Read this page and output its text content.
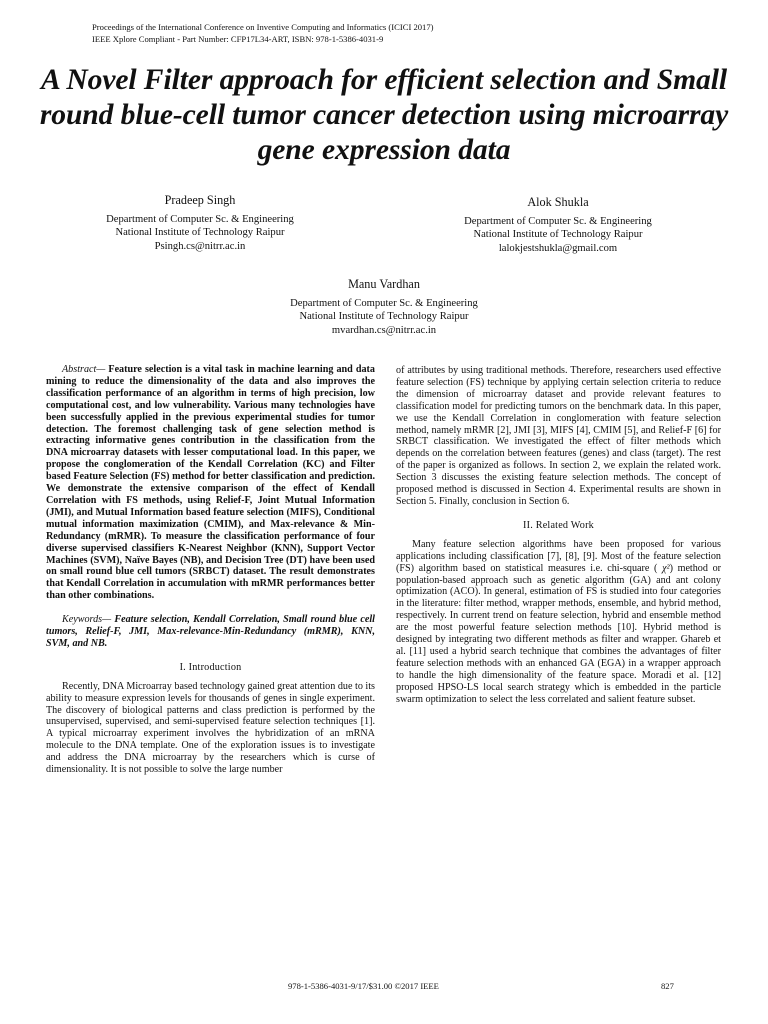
Proceedings of the International Conference on Inventive Computing and Informatics (ICICI 2017)
IEEE Xplore Compliant - Part Number: CFP17L34-ART, ISBN: 978-1-5386-4031-9
A Novel Filter approach for efficient selection and Small round blue-cell tumor cancer detection using microarray gene expression data
Pradeep Singh
Department of Computer Sc. & Engineering
National Institute of Technology Raipur
Psingh.cs@nitrr.ac.in
Alok Shukla
Department of Computer Sc. & Engineering
National Institute of Technology Raipur
lalokjestshukla@gmail.com
Manu Vardhan
Department of Computer Sc. & Engineering
National Institute of Technology Raipur
mvardhan.cs@nitrr.ac.in

Abstract— Feature selection is a vital task in machine learning and data mining to reduce the dimensionality of the data and also improves the classification performance of an algorithm in terms of high precision, low computational cost, and low vulnerability. Various many technologies have been successfully applied in the previous experimental studies for tumor detection. The foremost challenging task of gene selection method is extracting informative genes contribution in the classification from the DNA microarray datasets with lesser computational load. In this paper, we propose the conglomeration of the Kendall Correlation (KC) and Filter based Feature Selection (FS) method for better classification and prediction. We demonstrate the extensive comparison of the effect of Kendall Correlation with FS methods, using Relief-F, Joint Mutual Information (JMI), and Mutual Information based feature selection (MIFS), Conditional mutual information maximization (CMIM), and Max-relevance & Min-Redundancy (mRMR). To measure the classification performance of four diverse supervised classifiers K-Nearest Neighbor (KNN), Support Vector Machines (SVM), Naïve Bayes (NB), and Decision Tree (DT) have been used on small round blue cell tumors (SRBCT) dataset. The result demonstrates that Kendall Correlation in accumulation with mRMR performances better than other combinations.

Keywords— Feature selection, Kendall Correlation, Small round blue cell tumors, Relief-F, JMI, Max-relevance-Min-Redundancy (mRMR), KNN, SVM, and NB.

I. Introduction

Recently, DNA Microarray based technology gained great attention due to its ability to measure expression levels for thousands of genes in single experiment. The discovery of biological patterns and class prediction is performed by the unsupervised, supervised, and semi-supervised feature selection techniques [1]. A typical microarray experiment involves the hybridization of an mRNA molecule to the DNA template. One of the exploration issues is to investigate and address the DNA microarray by the researchers which is curse of dimensionality. It is not possible to solve the large number

of attributes by using traditional methods. Therefore, researchers used effective feature selection (FS) technique by applying certain selection criteria to reduce the dimension of microarray dataset and provide relevant features to classification model for predicting tumors on the benchmark data. In this paper, we use the Kendall Correlation in conglomeration with feature selection method, namely mRMR [2], JMI [3], MIFS [4], CMIM [5], and Relief-F [6] for SRBCT classification. We investigated the effect of filter methods which depends on the correlation between features (genes) and class (target). The rest of the paper is organized as follows. In section 2, we explain the related work. Section 3 discusses the existing feature selection methods. The concept of proposed method is discussed in Section 4. Experimental results are shown in Section 5. Finally, conclusion in Section 6.

II. Related Work

Many feature selection algorithms have been proposed for various applications including classification [7], [8], [9]. Most of the feature selection (FS) algorithm based on statistical measures i.e. chi-square ( χ²) method or population-based approach such as genetic algorithm (GA) and ant colony optimization (ACO). In general, estimation of FS is studied into four categories in the literature: filter method, wrapper methods, ensemble, and hybrid method, respectively. In current trend on feature selection, hybrid and ensemble method are the most powerful feature selection methods [10]. Hybrid method is designed by integrating two different methods as filter and wrapper. Ghareb et al. [11] used a hybrid search technique that combines the advantages of filter feature selection methods with an enhanced GA (EGA) in a wrapper approach to handle the high dimensionality of the feature space. Moradi et al. [12] proposed HPSO-LS local search strategy which is embedded in the particle swarm optimization to select the less correlated and salient feature subset.

978-1-5386-4031-9/17/$31.00 ©2017 IEEE	827
